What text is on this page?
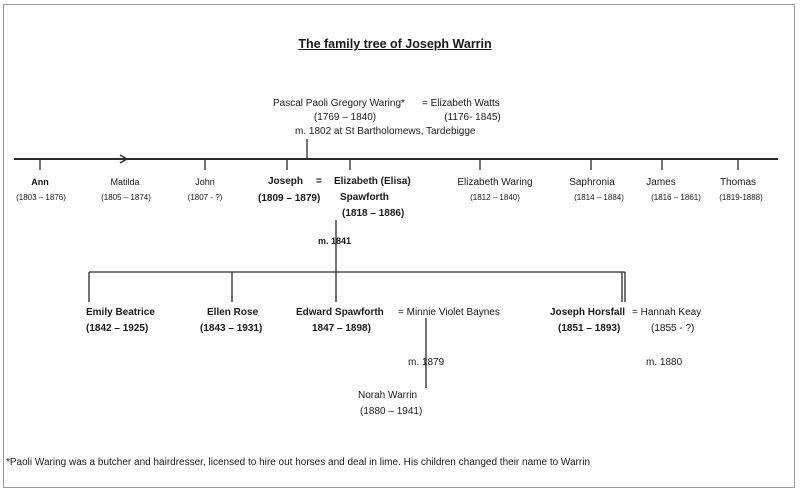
The family tree of Joseph Warrin
Pascal Paoli Gregory Waring* = Elizabeth Watts
(1769 – 1840)	(1176- 1845)
m. 1802 at St Bartholomews, Tardebigge
Ann
(1803 – 1876)
Matilda
(1805 – 1874)
John
(1807 - ?)
Joseph
(1809 – 1879)
= Elizabeth (Elisa)
Spawforth
(1818 – 1886)
m. 1841
Elizabeth Waring
(1812 – 1840)
Saphronia
(1814 – 1884)
James
(1816 – 1861)
Thomas
(1819-1888)
Emily Beatrice
(1842 – 1925)
Ellen Rose
(1843 – 1931)
Edward Spawforth = Minnie Violet Baynes
1847 – 1898)
m. 1879
Joseph Horsfall = Hannah Keay
(1851 – 1893)	(1855 - ?)
m. 1880
Norah Warrin
(1880 – 1941)
*Paoli Waring was a butcher and hairdresser, licensed to hire out horses and deal in lime. His children changed their name to Warrin
